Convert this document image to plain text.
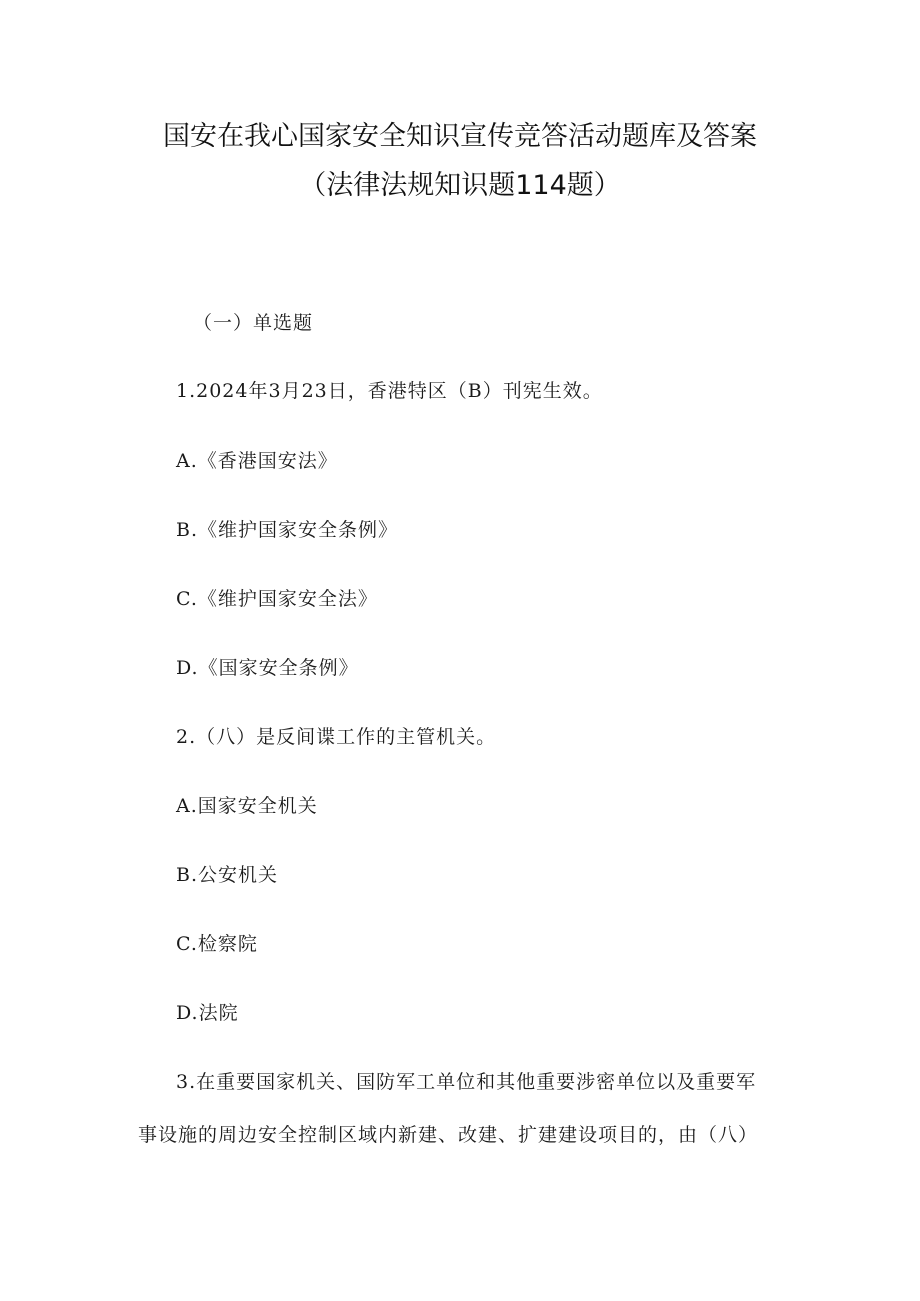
国安在我心国家安全知识宣传竞答活动题库及答案
（法律法规知识题114题）
（一）单选题
1.2024年3月23日，香港特区（B）刊宪生效。
A.《香港国安法》
B.《维护国家安全条例》
C.《维护国家安全法》
D.《国家安全条例》
2.（八）是反间谍工作的主管机关。
A.国家安全机关
B.公安机关
C.检察院
D.法院
3.在重要国家机关、国防军工单位和其他重要涉密单位以及重要军
事设施的周边安全控制区域内新建、改建、扩建建设项目的，由（八）
